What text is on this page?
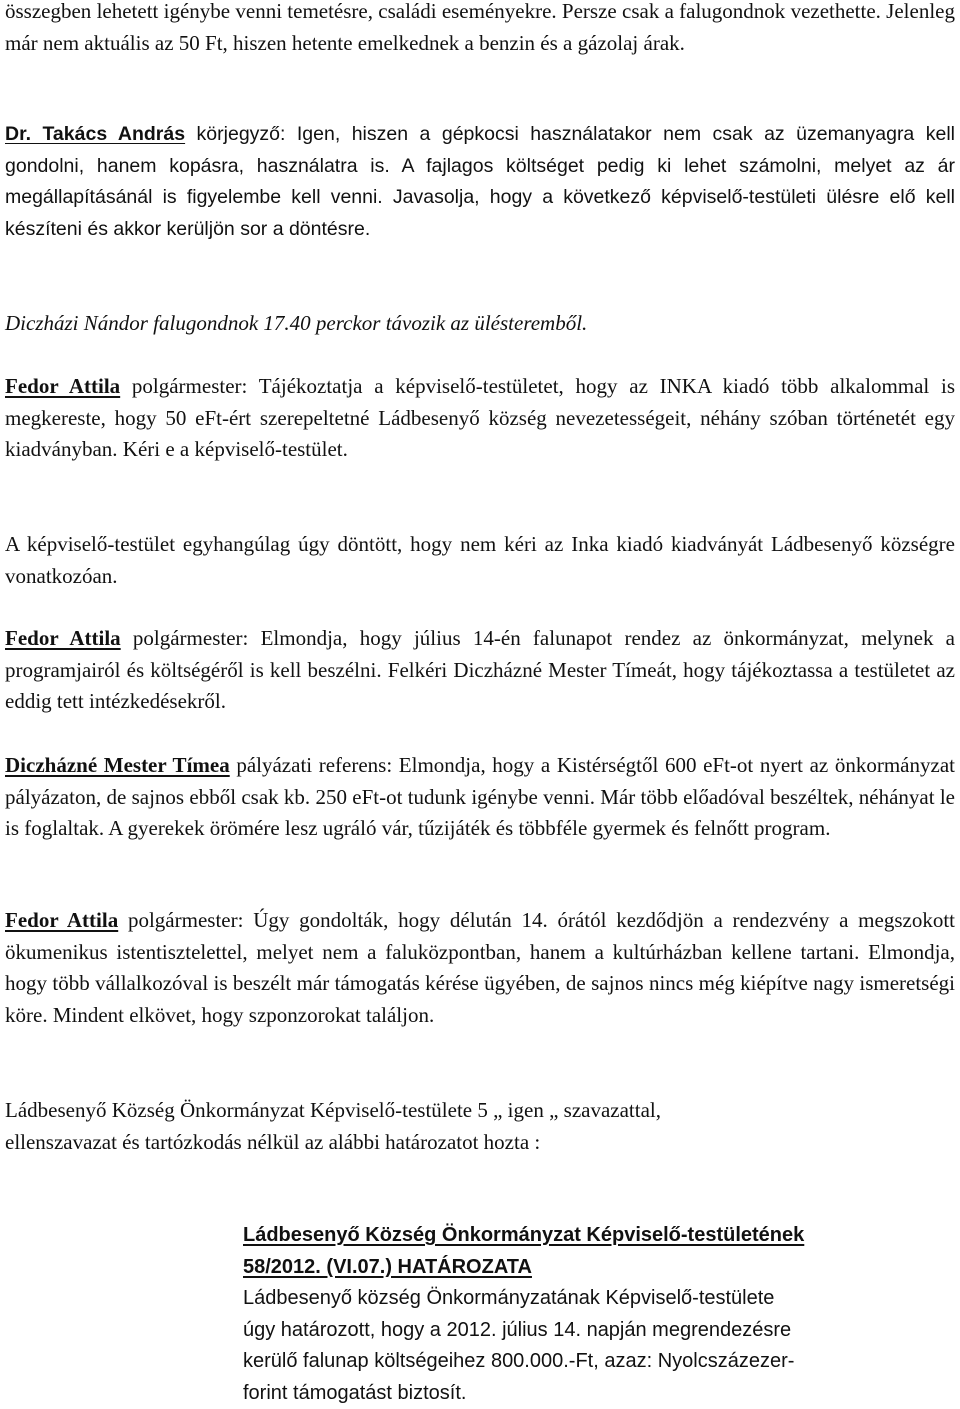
összegben lehetett igénybe venni temetésre, családi eseményekre. Persze csak a falugondnok vezethette. Jelenleg már nem aktuális az 50 Ft, hiszen hetente emelkednek a benzin és a gázolaj árak.

Dr. Takács András körjegyző: Igen, hiszen a gépkocsi használatakor nem csak az üzemanyagra kell gondolni, hanem kopásra, használatra is. A fajlagos költséget pedig ki lehet számolni, melyet az ár megállapításánál is figyelembe kell venni. Javasolja, hogy a következő képviselő-testületi ülésre elő kell készíteni és akkor kerüljön sor a döntésre.

Diczházi Nándor falugondnok 17.40 perckor távozik az ülésteremből.

Fedor Attila polgármester: Tájékoztatja a képviselő-testületet, hogy az INKA kiadó több alkalommal is megkereste, hogy 50 eFt-ért szerepeltetné Ládbesenyő község nevezetességeit, néhány szóban történetét egy kiadványban. Kéri e a képviselő-testület.

A képviselő-testület egyhangúlag úgy döntött, hogy nem kéri az Inka kiadó kiadványát Ládbesenyő községre vonatkozóan.

Fedor Attila polgármester: Elmondja, hogy július 14-én falunapot rendez az önkormányzat, melynek a programjairól és költségéről is kell beszélni. Felkéri Diczházné Mester Tímeát, hogy tájékoztassa a testületet az eddig tett intézkedésekről.

Diczházné Mester Tímea pályázati referens: Elmondja, hogy a Kistérségtől 600 eFt-ot nyert az önkormányzat pályázaton, de sajnos ebből csak kb. 250 eFt-ot tudunk igénybe venni. Már több előadóval beszéltek, néhányat le is foglaltak. A gyerekek örömére lesz ugráló vár, tűzijáték és többféle gyermek és felnőtt program.

Fedor Attila polgármester: Úgy gondolták, hogy délután 14. órától kezdődjön a rendezvény a megszokott ökumenikus istentisztelettel, melyet nem a faluközpontban, hanem a kultúrházban kellene tartani. Elmondja, hogy több vállalkozóval is beszélt már támogatás kérése ügyében, de sajnos nincs még kiépítve nagy ismeretségi köre. Mindent elkövet, hogy szponzorokat találjon.

Ládbesenyő Község Önkormányzat Képviselő-testülete 5 „ igen „ szavazattal,
ellenszavazat és tartózkodás nélkül az alábbi határozatot hozta :
Ládbesenyő Község Önkormányzat Képviselő-testületének
58/2012. (VI.07.) HATÁROZATA
Ládbesenyő község Önkormányzatának Képviselő-testülete
úgy határozott, hogy a 2012. július 14. napján megrendezésre
kerülő falunap költségeihez 800.000.-Ft, azaz: Nyolcszázezer-
forint támogatást biztosít.
